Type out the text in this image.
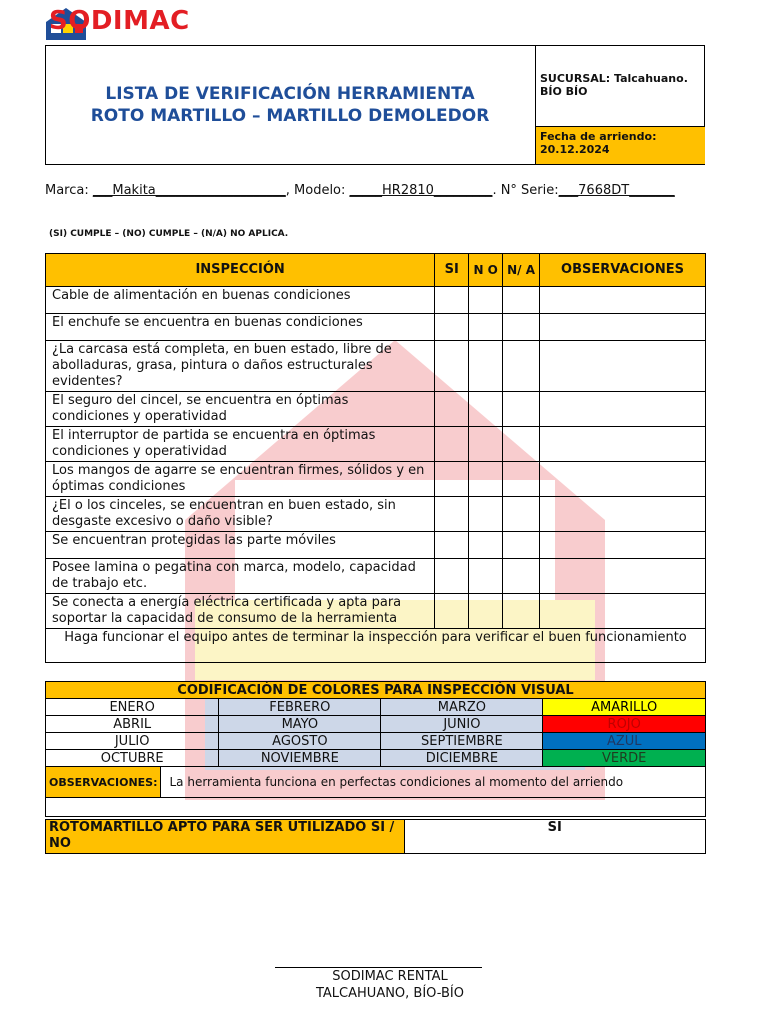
SODIMAC
LISTA DE VERIFICACIÓN HERRAMIENTA
ROTO MARTILLO – MARTILLO DEMOLEDOR
SUCURSAL: Talcahuano. BÍO BÍO
Fecha de arriendo: 20.12.2024
Marca: ___Makita____________________, Modelo: _____HR2810_________. N° Serie:___7668DT_______
(SI) CUMPLE – (NO) CUMPLE – (N/A) NO APLICA.
INSPECCIÓN	SI	N O	N/ A	OBSERVACIONES
Cable de alimentación en buenas condiciones				
El enchufe se encuentra en buenas condiciones				
¿La carcasa está completa, en buen estado, libre de abolladuras, grasa, pintura o daños estructurales evidentes?				
El seguro del cincel, se encuentra en óptimas condiciones y operatividad				
El interruptor de partida se encuentra en óptimas condiciones y operatividad				
Los mangos de agarre se encuentran firmes, sólidos y en óptimas condiciones				
¿El o los cinceles, se encuentran en buen estado, sin desgaste excesivo o daño visible?				
Se encuentran protegidas las parte móviles				
Posee lamina o pegatina con marca, modelo, capacidad de trabajo etc.				
Se conecta a energía eléctrica certificada y apta para soportar la capacidad de consumo de la herramienta				
Haga funcionar el equipo antes de terminar la inspección para verificar el buen funcionamiento				
CODIFICACIÓN DE COLORES PARA INSPECCIÓN VISUAL				
ENERO		FEBRERO	MARZO	AMARILLO
ABRIL		MAYO	JUNIO	ROJO
JULIO		AGOSTO	SEPTIEMBRE	AZUL
OCTUBRE		NOVIEMBRE	DICIEMBRE	VERDE
OBSERVACIONES:	La herramienta funciona en perfectas condiciones al momento del arriendo			

ROTOMARTILLO APTO PARA SER UTILIZADO SI / NO	SI
SODIMAC RENTAL
TALCAHUANO, BÍO-BÍO
